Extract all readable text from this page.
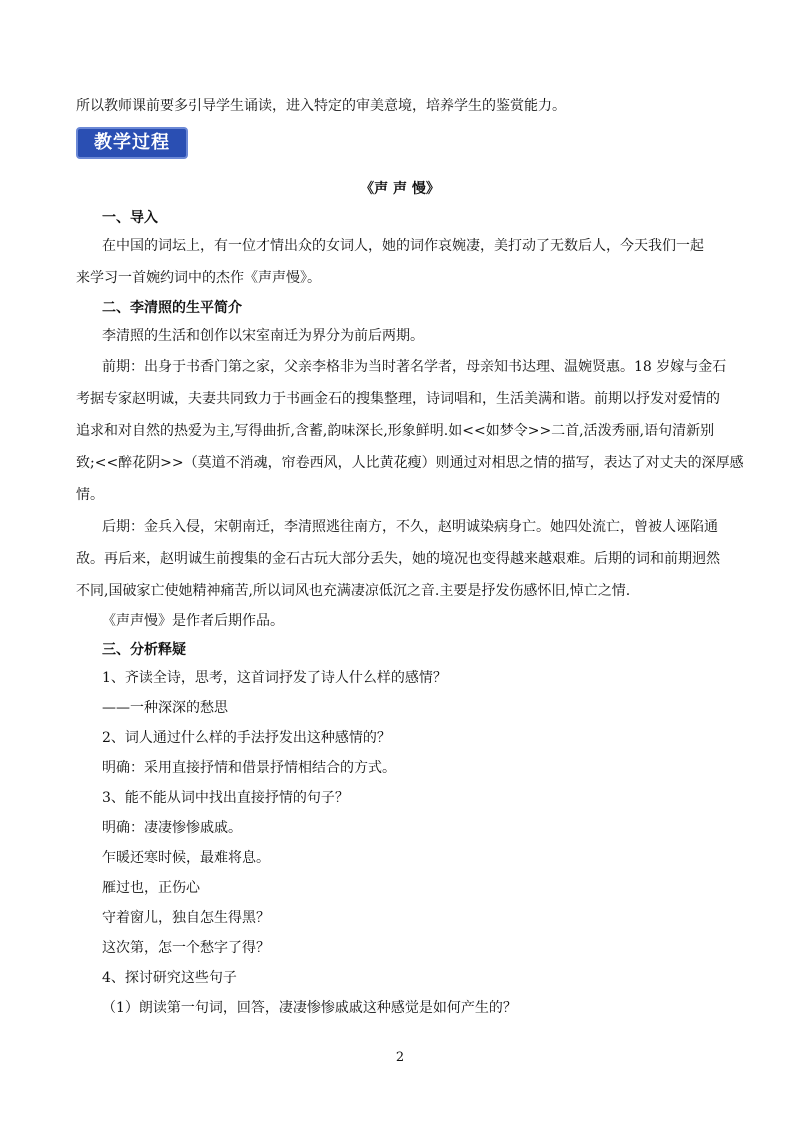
所以教师课前要多引导学生诵读，进入特定的审美意境，培养学生的鉴赏能力。
教学过程
《声 声 慢》
一、导入
在中国的词坛上，有一位才情出众的女词人，她的词作哀婉凄，美打动了无数后人，今天我们一起
来学习一首婉约词中的杰作《声声慢》。
二、李清照的生平简介
李清照的生活和创作以宋室南迁为界分为前后两期。
前期：出身于书香门第之家，父亲李格非为当时著名学者，母亲知书达理、温婉贤惠。18 岁嫁与金石
考据专家赵明诚，夫妻共同致力于书画金石的搜集整理，诗词唱和，生活美满和谐。前期以抒发对爱情的
追求和对自然的热爱为主,写得曲折,含蓄,韵味深长,形象鲜明.如<<如梦令>>二首,活泼秀丽,语句清新别
致;<<醉花阴>>（莫道不消魂，帘卷西风，人比黄花瘦）则通过对相思之情的描写，表达了对丈夫的深厚感
情。
后期：金兵入侵，宋朝南迁，李清照逃往南方，不久，赵明诚染病身亡。她四处流亡，曾被人诬陷通
敌。再后来，赵明诚生前搜集的金石古玩大部分丢失，她的境况也变得越来越艰难。后期的词和前期迥然
不同,国破家亡使她精神痛苦,所以词风也充满凄凉低沉之音.主要是抒发伤感怀旧,悼亡之情.
《声声慢》是作者后期作品。
三、分析释疑
1、齐读全诗，思考，这首词抒发了诗人什么样的感情？
——一种深深的愁思
2、词人通过什么样的手法抒发出这种感情的？
明确：采用直接抒情和借景抒情相结合的方式。
3、能不能从词中找出直接抒情的句子？
明确：凄凄惨惨戚戚。
乍暖还寒时候，最难将息。
雁过也，正伤心
守着窗儿，独自怎生得黑？
这次第，怎一个愁字了得？
4、探讨研究这些句子
（1）朗读第一句词，回答，凄凄惨惨戚戚这种感觉是如何产生的？
2
